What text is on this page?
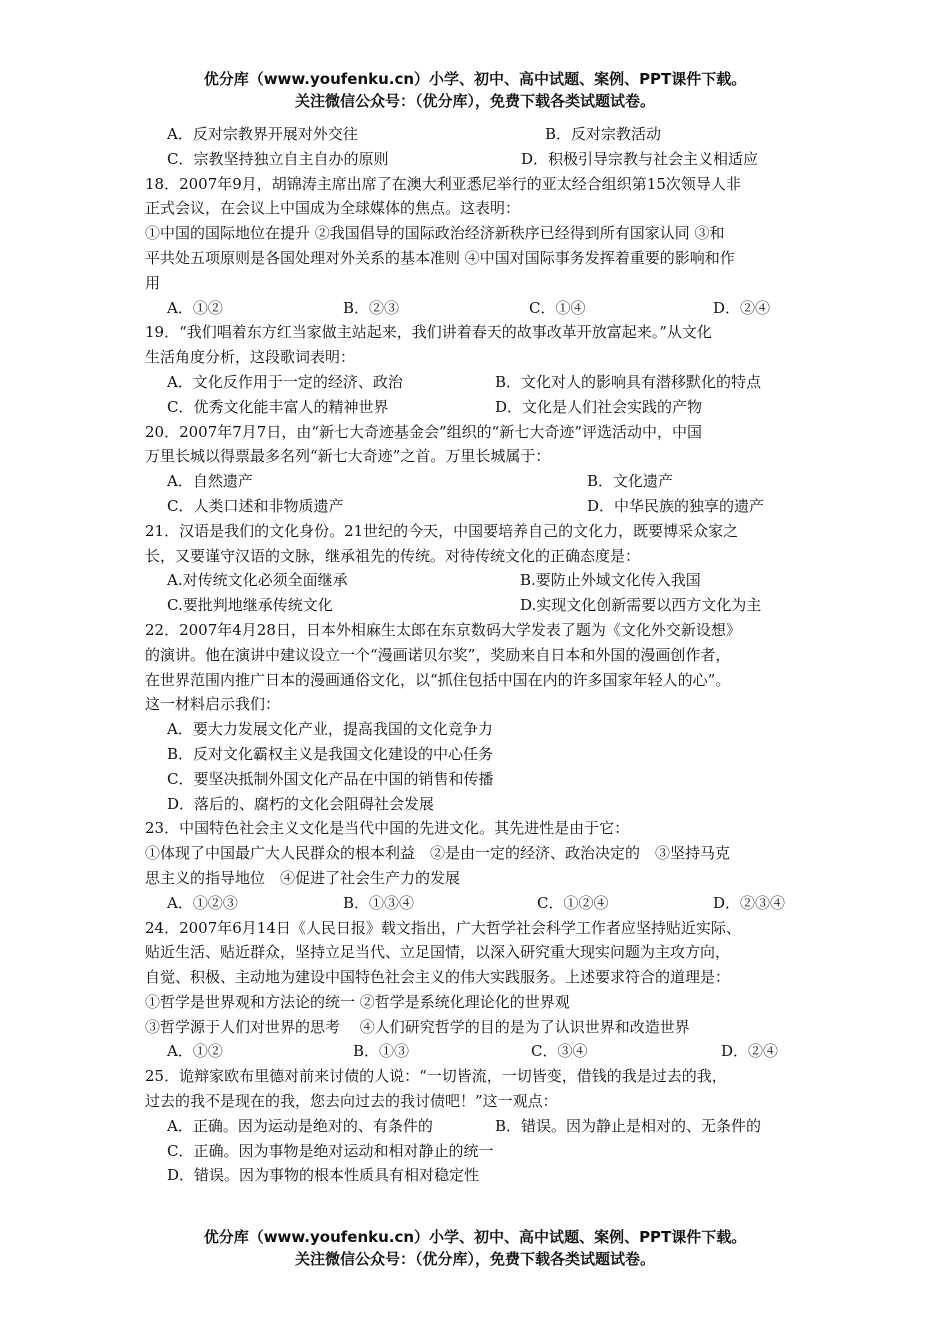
优分库（www.youfenku.cn）小学、初中、高中试题、案例、PPT课件下载。
关注微信公众号：（优分库），免费下载各类试题试卷。
A．反对宗教界开展对外交往	B．反对宗教活动
C．宗教坚持独立自主自办的原则	D．积极引导宗教与社会主义相适应
18．2007年9月，胡锦涛主席出席了在澳大利亚悉尼举行的亚太经合组织第15次领导人非
正式会议，在会议上中国成为全球媒体的焦点。这表明：
①中国的国际地位在提升 ②我国倡导的国际政治经济新秩序已经得到所有国家认同 ③和
平共处五项原则是各国处理对外关系的基本准则 ④中国对国际事务发挥着重要的影响和作
用
A．①②	B．②③	C．①④	D．②④
19．“我们唱着东方红当家做主站起来，我们讲着春天的故事改革开放富起来。”从文化
生活角度分析，这段歌词表明：
A．文化反作用于一定的经济、政治	B．文化对人的影响具有潜移默化的特点
C．优秀文化能丰富人的精神世界	D．文化是人们社会实践的产物
20．2007年7月7日，由“新七大奇迹基金会”组织的“新七大奇迹”评选活动中，中国
万里长城以得票最多名列“新七大奇迹”之首。万里长城属于：
A．自然遗产	B．文化遗产
C．人类口述和非物质遗产	D．中华民族的独享的遗产
21．汉语是我们的文化身份。21世纪的今天，中国要培养自己的文化力，既要博采众家之
长，又要谨守汉语的文脉，继承祖先的传统。对待传统文化的正确态度是：
A.对传统文化必须全面继承	B.要防止外域文化传入我国
C.要批判地继承传统文化	D.实现文化创新需要以西方文化为主
22．2007年4月28日，日本外相麻生太郎在东京数码大学发表了题为《文化外交新设想》
的演讲。他在演讲中建议设立一个“漫画诺贝尔奖”，奖励来自日本和外国的漫画创作者，
在世界范围内推广日本的漫画通俗文化，以“抓住包括中国在内的许多国家年轻人的心”。
这一材料启示我们：
A．要大力发展文化产业，提高我国的文化竞争力
B．反对文化霸权主义是我国文化建设的中心任务
C．要坚决抵制外国文化产品在中国的销售和传播
D．落后的、腐朽的文化会阻碍社会发展
23．中国特色社会主义文化是当代中国的先进文化。其先进性是由于它：
①体现了中国最广大人民群众的根本利益　②是由一定的经济、政治决定的　③坚持马克
思主义的指导地位　④促进了社会生产力的发展
A．①②③	B．①③④	C．①②④	D．②③④
24．2007年6月14日《人民日报》载文指出，广大哲学社会科学工作者应坚持贴近实际、
贴近生活、贴近群众，坚持立足当代、立足国情，以深入研究重大现实问题为主攻方向，
自觉、积极、主动地为建设中国特色社会主义的伟大实践服务。上述要求符合的道理是：
①哲学是世界观和方法论的统一 ②哲学是系统化理论化的世界观
③哲学源于人们对世界的思考　 ④人们研究哲学的目的是为了认识世界和改造世界
A．①②	B．①③	C．③④	D．②④
25．诡辩家欧布里德对前来讨债的人说：“一切皆流，一切皆变，借钱的我是过去的我，
过去的我不是现在的我，您去向过去的我讨债吧！”这一观点：
A．正确。因为运动是绝对的、有条件的	B．错误。因为静止是相对的、无条件的
C．正确。因为事物是绝对运动和相对静止的统一
D．错误。因为事物的根本性质具有相对稳定性
优分库（www.youfenku.cn）小学、初中、高中试题、案例、PPT课件下载。
关注微信公众号：（优分库），免费下载各类试题试卷。
